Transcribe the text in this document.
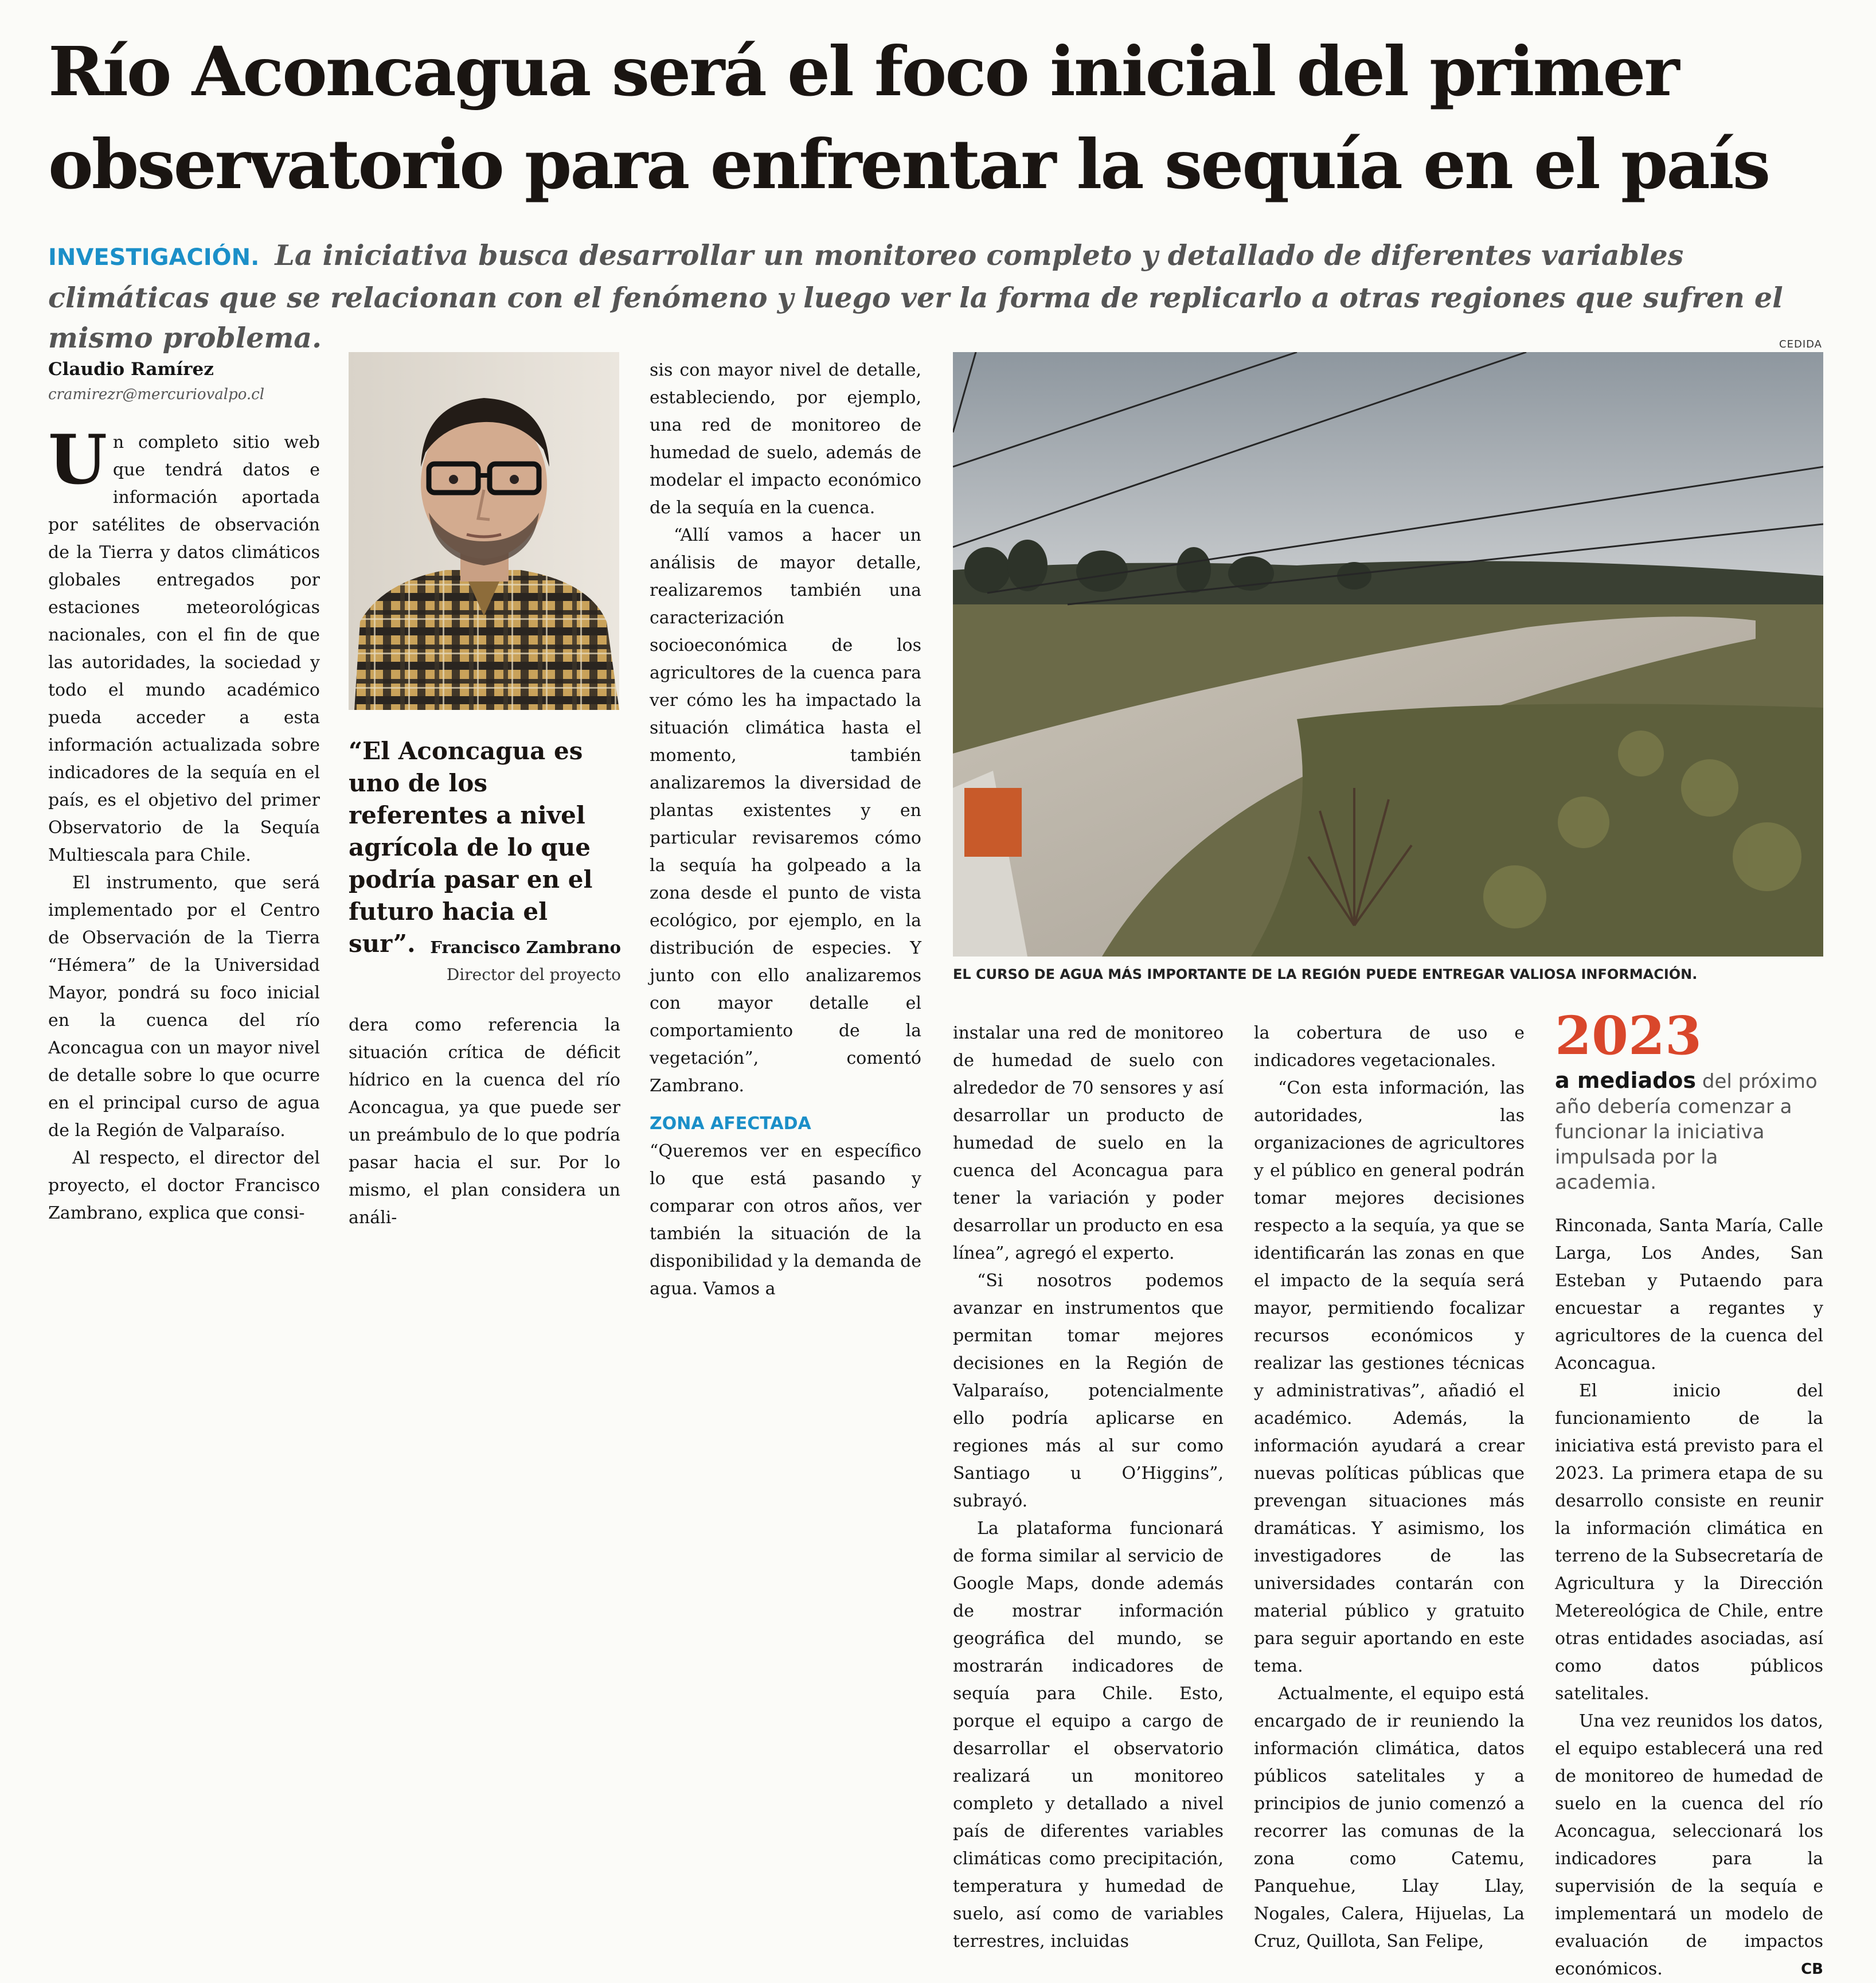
Río Aconcagua será el foco inicial del primer
observatorio para enfrentar la sequía en el país

INVESTIGACIÓN. La iniciativa busca desarrollar un monitoreo completo y detallado de diferentes variables climáticas que se relacionan con el fenómeno y luego ver la forma de replicarlo a otras regiones que sufren el mismo problema.

Claudio Ramírez
cramirezr@mercuriovalpo.cl

Un completo sitio web que tendrá datos e información aportada por satélites de observación de la Tierra y datos climáticos globales entregados por estaciones meteorológicas nacionales, con el fin de que las autoridades, la sociedad y todo el mundo académico pueda acceder a esta información actualizada sobre indicadores de la sequía en el país, es el objetivo del primer Observatorio de la Sequía Multiescala para Chile.

El instrumento, que será implementado por el Centro de Observación de la Tierra “Hémera” de la Universidad Mayor, pondrá su foco inicial en la cuenca del río Aconcagua con un mayor nivel de detalle sobre lo que ocurre en el principal curso de agua de la Región de Valparaíso.

Al respecto, el director del proyecto, el doctor Francisco Zambrano, explica que consi-

“El Aconcagua es uno de los referentes a nivel agrícola de lo que podría pasar en el futuro hacia el sur”. Francisco Zambrano
Director del proyecto

dera como referencia la situación crítica de déficit hídrico en la cuenca del río Aconcagua, ya que puede ser un preámbulo de lo que podría pasar hacia el sur. Por lo mismo, el plan considera un análi-

sis con mayor nivel de detalle, estableciendo, por ejemplo, una red de monitoreo de humedad de suelo, además de modelar el impacto económico de la sequía en la cuenca.

“Allí vamos a hacer un análisis de mayor detalle, realizaremos también una caracterización socioeconómica de los agricultores de la cuenca para ver cómo les ha impactado la situación climática hasta el momento, también analizaremos la diversidad de plantas existentes y en particular revisaremos cómo la sequía ha golpeado a la zona desde el punto de vista ecológico, por ejemplo, en la distribución de especies. Y junto con ello analizaremos con mayor detalle el comportamiento de la vegetación”, comentó Zambrano.

ZONA AFECTADA

“Queremos ver en específico lo que está pasando y comparar con otros años, ver también la situación de la disponibilidad y la demanda de agua. Vamos a

CEDIDA
EL CURSO DE AGUA MÁS IMPORTANTE DE LA REGIÓN PUEDE ENTREGAR VALIOSA INFORMACIÓN.

instalar una red de monitoreo de humedad de suelo con alrededor de 70 sensores y así desarrollar un producto de humedad de suelo en la cuenca del Aconcagua para tener la variación y poder desarrollar un producto en esa línea”, agregó el experto.

“Si nosotros podemos avanzar en instrumentos que permitan tomar mejores decisiones en la Región de Valparaíso, potencialmente ello podría aplicarse en regiones más al sur como Santiago u O’Higgins”, subrayó.

La plataforma funcionará de forma similar al servicio de Google Maps, donde además de mostrar información geográfica del mundo, se mostrarán indicadores de sequía para Chile. Esto, porque el equipo a cargo de desarrollar el observatorio realizará un monitoreo completo y detallado a nivel país de diferentes variables climáticas como precipitación, temperatura y humedad de suelo, así como de variables terrestres, incluidas

la cobertura de uso e indicadores vegetacionales.

“Con esta información, las autoridades, las organizaciones de agricultores y el público en general podrán tomar mejores decisiones respecto a la sequía, ya que se identificarán las zonas en que el impacto de la sequía será mayor, permitiendo focalizar recursos económicos y realizar las gestiones técnicas y administrativas”, añadió el académico. Además, la información ayudará a crear nuevas políticas públicas que prevengan situaciones más dramáticas. Y asimismo, los investigadores de las universidades contarán con material público y gratuito para seguir aportando en este tema.

Actualmente, el equipo está encargado de ir reuniendo la información climática, datos públicos satelitales y a principios de junio comenzó a recorrer las comunas de la zona como Catemu, Panquehue, Llay Llay, Nogales, Calera, Hijuelas, La Cruz, Quillota, San Felipe,

2023
a mediados del próximo año debería comenzar a funcionar la iniciativa impulsada por la academia.

Rinconada, Santa María, Calle Larga, Los Andes, San Esteban y Putaendo para encuestar a regantes y agricultores de la cuenca del Aconcagua.

El inicio del funcionamiento de la iniciativa está previsto para el 2023. La primera etapa de su desarrollo consiste en reunir la información climática en terreno de la Subsecretaría de Agricultura y la Dirección Metereológica de Chile, entre otras entidades asociadas, así como datos públicos satelitales.

Una vez reunidos los datos, el equipo establecerá una red de monitoreo de humedad de suelo en la cuenca del río Aconcagua, seleccionará los indicadores para la supervisión de la sequía e implementará un modelo de evaluación de impactos económicos.	CB
